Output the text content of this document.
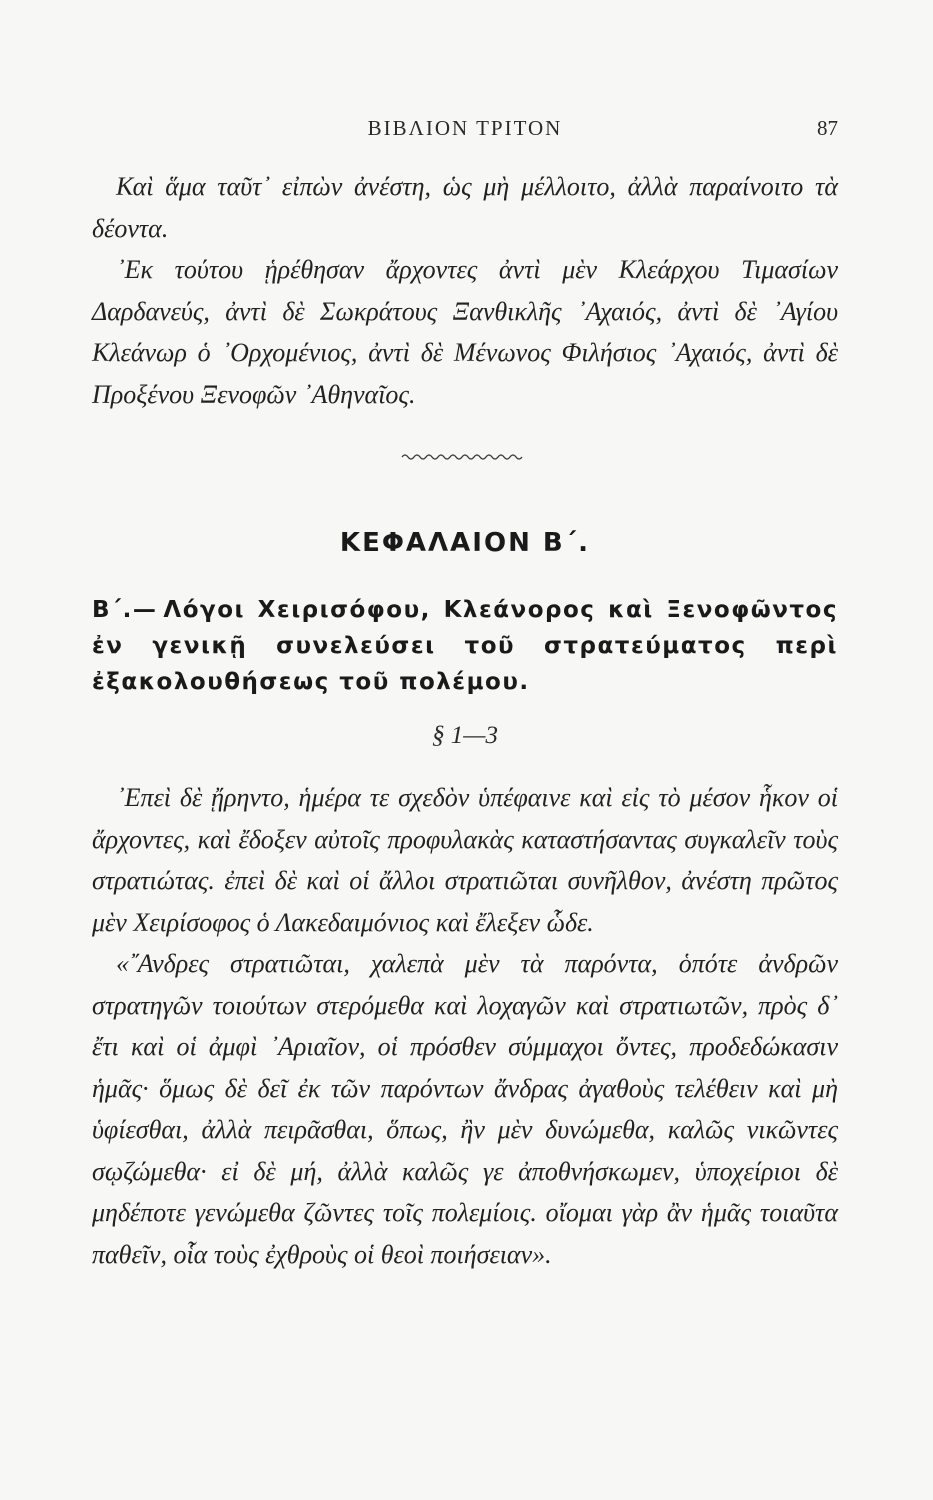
ΒΙΒΛΙΟΝ ΤΡΙΤΟΝ	87

Καὶ ἅμα ταῦτ᾽ εἰπὼν ἀνέστη, ὡς μὴ μέλλοιτο, ἀλλὰ παραίνοιτο τὰ δέοντα.

᾽Εκ τούτου ᾑρέθησαν ἄρχοντες ἀντὶ μὲν Κλεάρχου Τιμασίων Δαρδανεύς, ἀντὶ δὲ Σωκράτους Ξανθικλῆς ᾽Αχαιός, ἀντὶ δὲ ᾽Αγίου Κλεάνωρ ὁ ᾽Ορχομένιος, ἀντὶ δὲ Μένωνος Φιλήσιος ᾽Αχαιός, ἀντὶ δὲ Προξένου Ξενοφῶν ᾽Αθηναῖος.

ΚΕΦΑΛΑΙΟΝ Β΄.
Β΄.— Λόγοι Χειρισόφου, Κλεάνορος καὶ Ξενοφῶντος ἐν γενικῇ συνελεύσει τοῦ στρατεύματος περὶ ἐξακολουθήσεως τοῦ πολέμου.
§ 1—3

᾽Επεὶ δὲ ᾔρηντο, ἡμέρα τε σχεδὸν ὑπέφαινε καὶ εἰς τὸ μέσον ἧκον οἱ ἄρχοντες, καὶ ἔδοξεν αὐτοῖς προφυλακὰς καταστήσαντας συγκαλεῖν τοὺς στρατιώτας. ἐπεὶ δὲ καὶ οἱ ἄλλοι στρατιῶται συνῆλθον, ἀνέστη πρῶτος μὲν Χειρίσοφος ὁ Λακεδαιμόνιος καὶ ἔλεξεν ὧδε.

«῎Ανδρες στρατιῶται, χαλεπὰ μὲν τὰ παρόντα, ὁπότε ἀνδρῶν στρατηγῶν τοιούτων στερόμεθα καὶ λοχαγῶν καὶ στρατιωτῶν, πρὸς δ᾽ ἔτι καὶ οἱ ἀμφὶ ᾽Αριαῖον, οἱ πρόσθεν σύμμαχοι ὄντες, προδεδώκασιν ἡμᾶς· ὅμως δὲ δεῖ ἐκ τῶν παρόντων ἄνδρας ἀγαθοὺς τελέθειν καὶ μὴ ὑφίεσθαι, ἀλλὰ πειρᾶσθαι, ὅπως, ἢν μὲν δυνώμεθα, καλῶς νικῶντες σῳζώμεθα· εἰ δὲ μή, ἀλλὰ καλῶς γε ἀποθνήσκωμεν, ὑποχείριοι δὲ μηδέποτε γενώμεθα ζῶντες τοῖς πολεμίοις. οἴομαι γὰρ ἂν ἡμᾶς τοιαῦτα παθεῖν, οἷα τοὺς ἐχθροὺς οἱ θεοὶ ποιήσειαν».
